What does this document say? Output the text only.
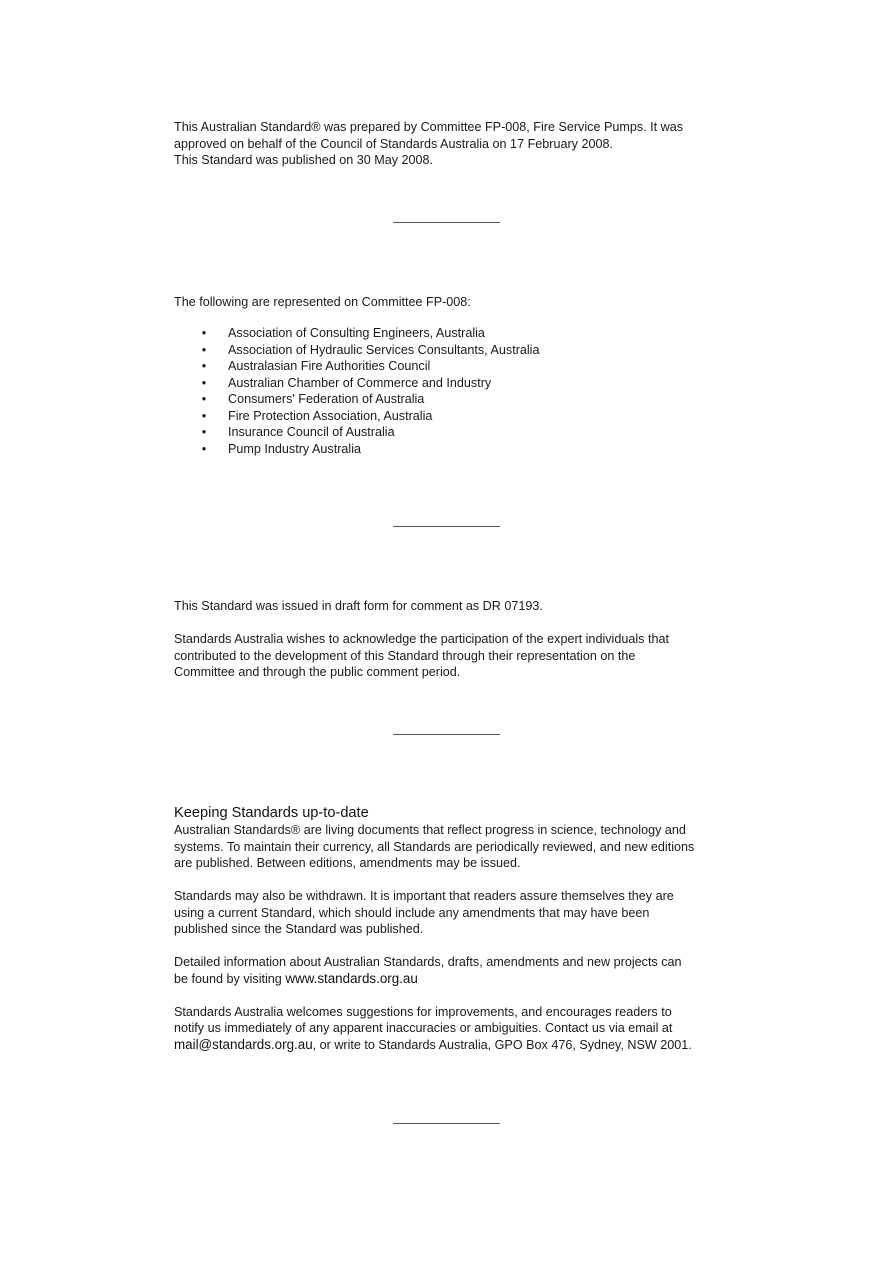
This Australian Standard® was prepared by Committee FP-008, Fire Service Pumps. It was

approved on behalf of the Council of Standards Australia on 17 February 2008.

This Standard was published on 30 May 2008.

The following are represented on Committee FP-008:

• Association of Consulting Engineers, Australia
• Association of Hydraulic Services Consultants, Australia
• Australasian Fire Authorities Council
• Australian Chamber of Commerce and Industry
• Consumers' Federation of Australia
• Fire Protection Association, Australia
• Insurance Council of Australia
• Pump Industry Australia

This Standard was issued in draft form for comment as DR 07193.

Standards Australia wishes to acknowledge the participation of the expert individuals that

contributed to the development of this Standard through their representation on the

Committee and through the public comment period.

Keeping Standards up-to-date

Australian Standards® are living documents that reflect progress in science, technology and

systems. To maintain their currency, all Standards are periodically reviewed, and new editions

are published. Between editions, amendments may be issued.

Standards may also be withdrawn. It is important that readers assure themselves they are

using a current Standard, which should include any amendments that may have been

published since the Standard was published.

Detailed information about Australian Standards, drafts, amendments and new projects can

be found by visiting www.standards.org.au

Standards Australia welcomes suggestions for improvements, and encourages readers to

notify us immediately of any apparent inaccuracies or ambiguities. Contact us via email at

mail@standards.org.au, or write to Standards Australia, GPO Box 476, Sydney, NSW 2001.
